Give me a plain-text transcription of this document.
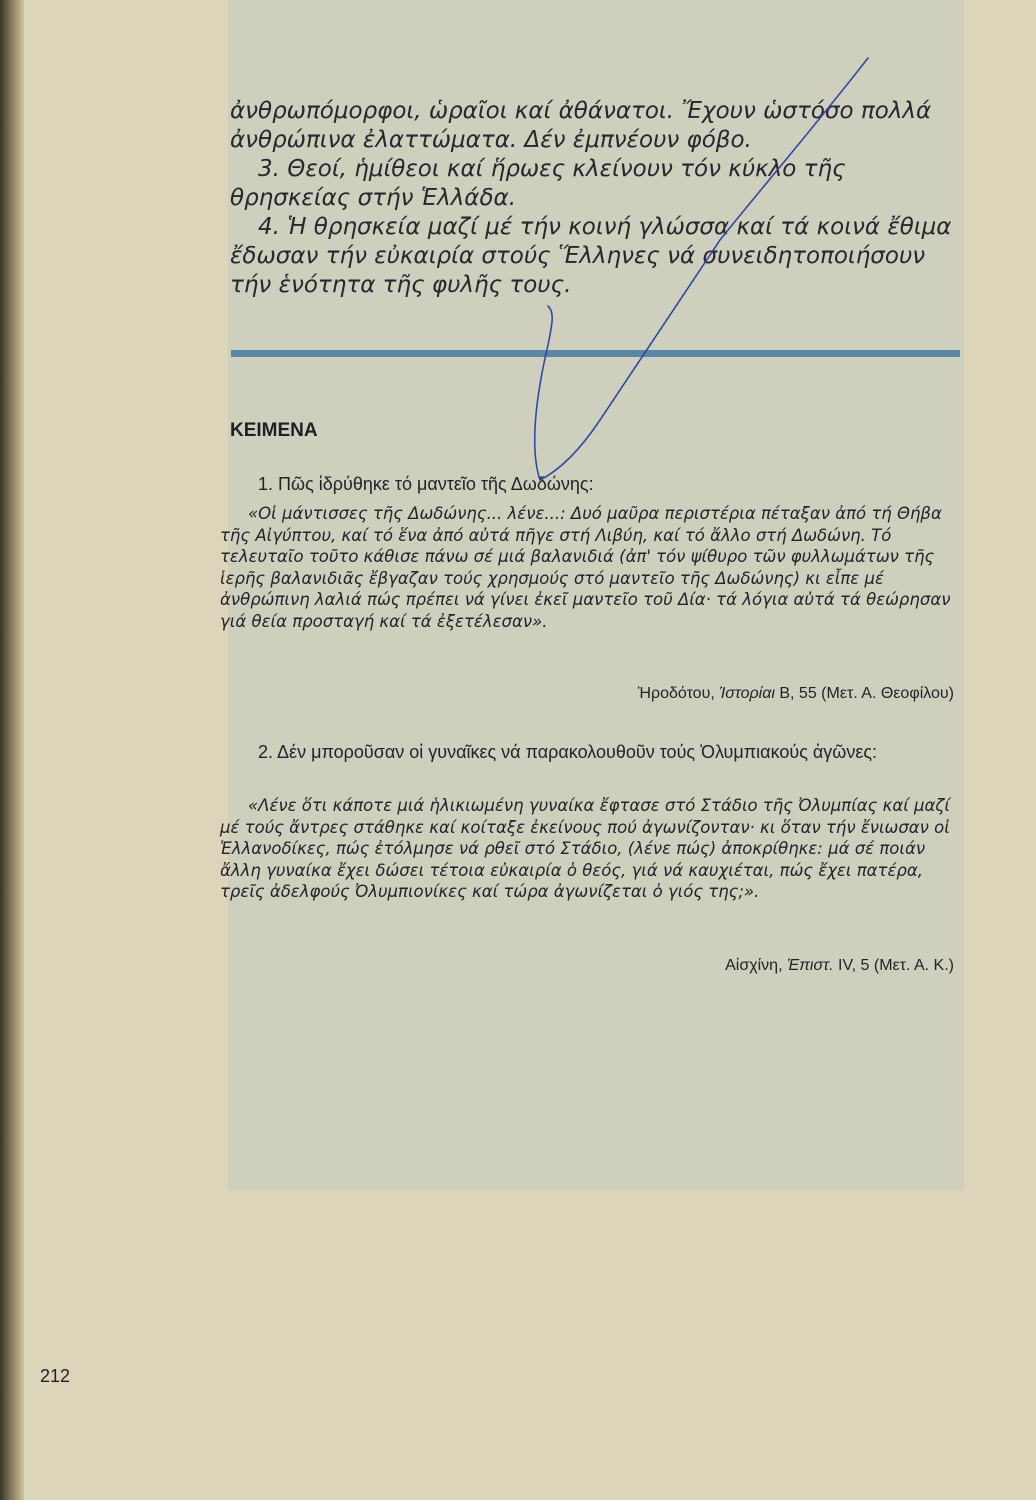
ἀνθρωπόμορφοι, ὡραῖοι καί ἀθάνατοι. Ἔχουν ὡστόσο πολλά ἀνθρώπινα ἐλαττώματα. Δέν ἐμπνέουν φόβο.

3. Θεοί, ἡμίθεοι καί ἥρωες κλείνουν τόν κύκλο τῆς θρησκείας στήν Ἑλλάδα.

4. Ἡ θρησκεία μαζί μέ τήν κοινή γλώσσα καί τά κοινά ἔθιμα ἔδωσαν τήν εὐκαιρία στούς Ἕλληνες νά συνειδητοποιήσουν τήν ἑνότητα τῆς φυλῆς τους.

ΚΕΙΜΕΝΑ

1. Πῶς ἱδρύθηκε τό μαντεῖο τῆς Δωδώνης:

«Οἱ μάντισσες τῆς Δωδώνης... λένε...: Δυό μαῦρα περιστέρια πέταξαν ἀπό τή Θήβα τῆς Αἰγύπτου, καί τό ἕνα ἀπό αὐτά πῆγε στή Λιβύη, καί τό ἄλλο στή Δωδώνη. Τό τελευταῖο τοῦτο κάθισε πάνω σέ μιά βαλανιδιά (ἀπ' τόν ψίθυρο τῶν φυλλωμάτων τῆς ἱερῆς βαλανιδιᾶς ἔβγαζαν τούς χρησμούς στό μαντεῖο τῆς Δωδώνης) κι εἶπε μέ ἀνθρώπινη λαλιά πώς πρέπει νά γίνει ἐκεῖ μαντεῖο τοῦ Δία· τά λόγια αὐτά τά θεώρησαν γιά θεία προσταγή καί τά ἐξετέλεσαν».

Ἡροδότου, Ἱστορίαι Β, 55 (Μετ. Α. Θεοφίλου)

2. Δέν μποροῦσαν οἱ γυναῖκες νά παρακολουθοῦν τούς Ὀλυμπιακούς ἀγῶνες:

«Λένε ὅτι κάποτε μιά ἡλικιωμένη γυναίκα ἔφτασε στό Στάδιο τῆς Ὀλυμπίας καί μαζί μέ τούς ἄντρες στάθηκε καί κοίταξε ἐκείνους πού ἀγωνίζονταν· κι ὅταν τήν ἔνιωσαν οἱ Ἑλλανοδίκες, πώς ἐτόλμησε νά ρθεῖ στό Στάδιο, (λένε πώς) ἀποκρίθηκε: μά σέ ποιάν ἄλλη γυναίκα ἔχει δώσει τέτοια εὐκαιρία ὁ θεός, γιά νά καυχιέται, πώς ἔχει πατέρα, τρεῖς ἀδελφούς Ὀλυμπιονίκες καί τώρα ἀγωνίζεται ὁ γιός της;».

Αἰσχίνη, Ἐπιστ. IV, 5 (Μετ. Α. Κ.)
212
